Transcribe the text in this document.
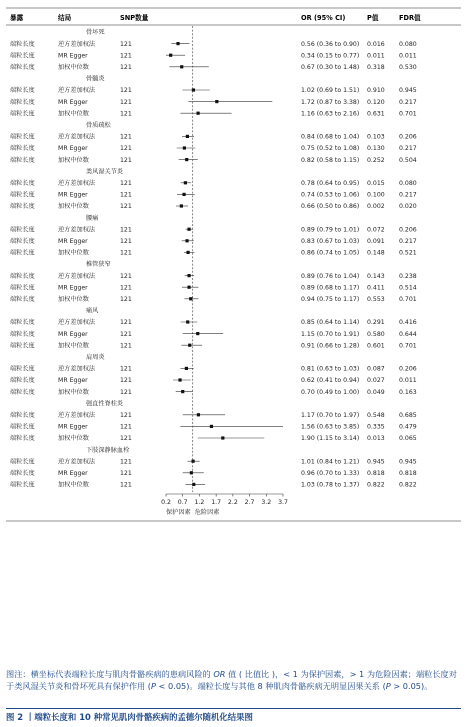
暴露	结局	SNP数量	OR (95% CI)	P值	FDR值
骨坏死
端粒长度	逆方差加权法	121	0.56 (0.36 to 0.90) 0.016 0.080
端粒长度	MR Egger	121	0.34 (0.15 to 0.77) 0.011 0.011
端粒长度	加权中位数	121	0.67 (0.30 to 1.48) 0.318 0.530
骨髓炎
端粒长度	逆方差加权法	121	1.02 (0.69 to 1.51) 0.910 0.945
端粒长度	MR Egger	121	1.72 (0.87 to 3.38) 0.120 0.217
端粒长度	加权中位数	121	1.16 (0.63 to 2.16) 0.631 0.701
骨质疏松
端粒长度	逆方差加权法	121	0.84 (0.68 to 1.04) 0.103 0.206
端粒长度	MR Egger	121	0.75 (0.52 to 1.08) 0.130 0.217
端粒长度	加权中位数	121	0.82 (0.58 to 1.15) 0.252 0.504
类风湿关节炎
端粒长度	逆方差加权法	121	0.78 (0.64 to 0.95) 0.015 0.080
端粒长度	MR Egger	121	0.74 (0.53 to 1.06) 0.100 0.217
端粒长度	加权中位数	121	0.66 (0.50 to 0.86) 0.002 0.020
腰痛
端粒长度	逆方差加权法	121	0.89 (0.79 to 1.01) 0.072 0.206
端粒长度	MR Egger	121	0.83 (0.67 to 1.03) 0.091 0.217
端粒长度	加权中位数	121	0.86 (0.74 to 1.05) 0.148 0.521
椎管狭窄
端粒长度	逆方差加权法	121	0.89 (0.76 to 1.04) 0.143 0.238
端粒长度	MR Egger	121	0.89 (0.68 to 1.17) 0.411 0.514
端粒长度	加权中位数	121	0.94 (0.75 to 1.17) 0.553 0.701
痛风
端粒长度	逆方差加权法	121	0.85 (0.64 to 1.14) 0.291 0.416
端粒长度	MR Egger	121	1.15 (0.70 to 1.91) 0.580 0.644
端粒长度	加权中位数	121	0.91 (0.66 to 1.28) 0.601 0.701
肩周炎
端粒长度	逆方差加权法	121	0.81 (0.63 to 1.03) 0.087 0.206
端粒长度	MR Egger	121	0.62 (0.41 to 0.94) 0.027 0.011
端粒长度	加权中位数	121	0.70 (0.49 to 1.00) 0.049 0.163
强直性脊柱炎
端粒长度	逆方差加权法	121	1.17 (0.70 to 1.97) 0.548 0.685
端粒长度	MR Egger	121	1.56 (0.63 to 3.85) 0.335 0.479
端粒长度	加权中位数	121	1.90 (1.15 to 3.14) 0.013 0.065
下肢深静脉血栓
端粒长度	逆方差加权法	121	1.01 (0.84 to 1.21) 0.945 0.945
端粒长度	MR Egger	121	0.96 (0.70 to 1.33) 0.818 0.818
端粒长度	加权中位数	121	1.03 (0.78 to 1.37) 0.822 0.822
0.2 0.7 1.2 1.7 2.2 2.7 3.2 3.7
保护因素 危险因素

图注：横坐标代表端粒长度与肌肉骨骼疾病的患病风险的 OR 值 ( 比值比 )，< 1 为保护因素，> 1 为危险因素；端粒长度对于类风湿关节炎和骨坏死具有保护作用 (P < 0.05)。端粒长度与其他 8 种肌肉骨骼疾病无明显因果关系 (P > 0.05)。

图 2 丨端粒长度和 10 种常见肌肉骨骼疾病的孟德尔随机化结果图
